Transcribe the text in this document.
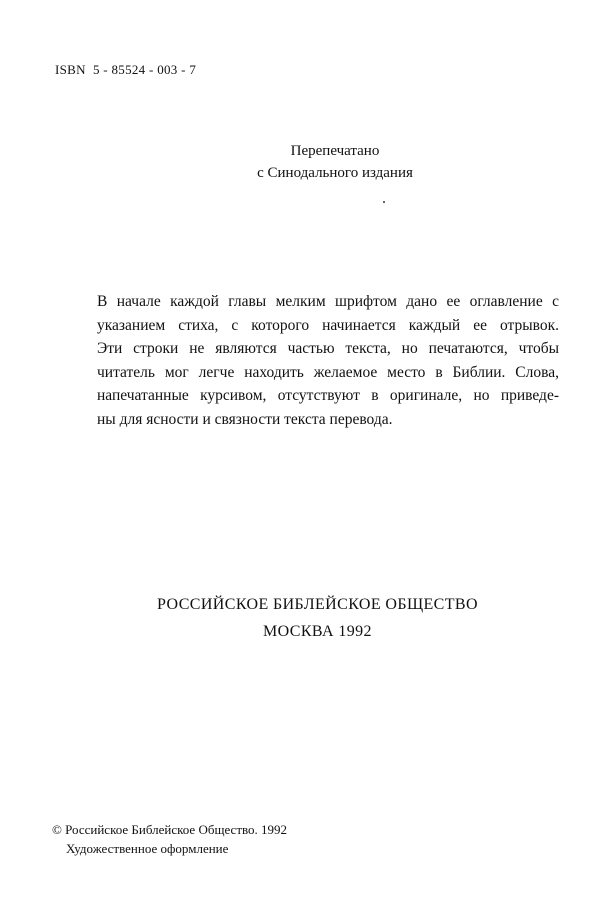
ISBN 5 - 85524 - 003 - 7
Перепечатано
с Синодального издания
В начале каждой главы мелким шрифтом дано ее оглавление с
указанием стиха, с которого начинается каждый ее отрывок.
Эти строки не являются частью текста, но печатаются, чтобы
читатель мог легче находить желаемое место в Библии. Слова,
напечатанные курсивом, отсутствуют в оригинале, но приведе-
ны для ясности и связности текста перевода.
РОССИЙСКОЕ БИБЛЕЙСКОЕ ОБЩЕСТВО
МОСКВА 1992
© Российское Библейское Общество. 1992
Художественное оформление
